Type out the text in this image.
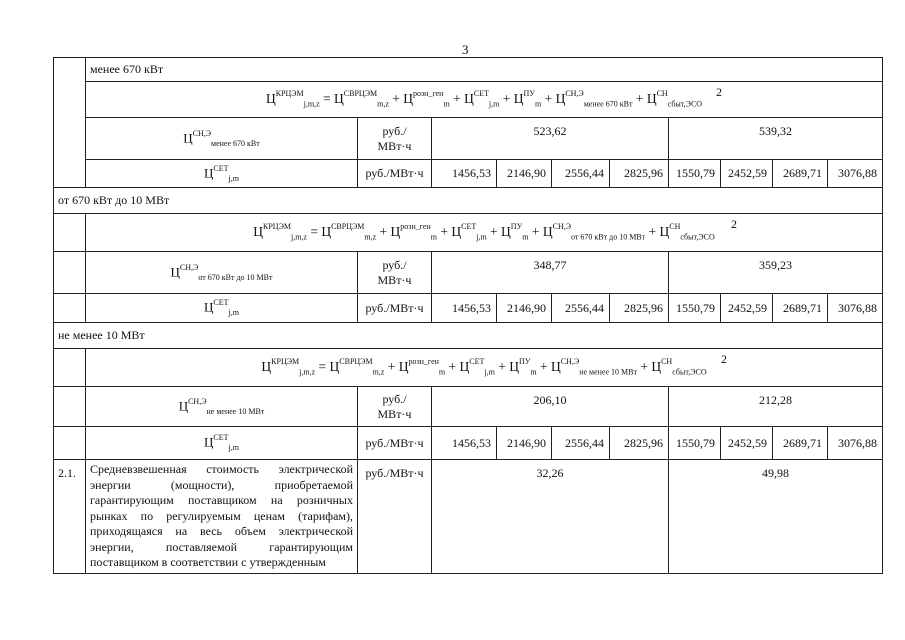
3
	менее 670 кВт									
	$Ц^{КРЦЭМ}_{j,m,z} = Ц^{СВРЦЭМ}_{m,z} + Ц^{розн\_ген}_m + Ц^{СЕТ}_{j,m} + Ц^{ПУ}_m + Ц^{СН,Э}_{менее 670 кВт} + Ц^{СН}_{сбыт,ЭСО}$
2									

	$Ц^{СН,Э}_{менее 670 кВт}$	руб./
МВт·ч	523,62				539,32			
	$Ц^{СЕТ}_{j,m}$	руб./МВт·ч	1456,53	2146,90	2556,44	2825,96	1550,79	2452,59	2689,71	3076,88
от 670 кВт до 10 МВт										
	$Ц^{КРЦЭМ}_{j,m,z} = Ц^{СВРЦЭМ}_{m,z} + Ц^{розн\_ген}_m + Ц^{СЕТ}_{j,m} + Ц^{ПУ}_m + Ц^{СН,Э}_{от 670 кВт до 10 МВт} + Ц^{СН}_{сбыт,ЭСО}$
2									

	$Ц^{СН,Э}_{от 670 кВт до 10 МВт}$	руб./
МВт·ч	348,77				359,23			
	$Ц^{СЕТ}_{j,m}$	руб./МВт·ч	1456,53	2146,90	2556,44	2825,96	1550,79	2452,59	2689,71	3076,88
не менее 10 МВт										
	$Ц^{КРЦЭМ}_{j,m,z} = Ц^{СВРЦЭМ}_{m,z} + Ц^{розн\_ген}_m + Ц^{СЕТ}_{j,m} + Ц^{ПУ}_m + Ц^{СН,Э}_{не менее 10 МВт} + Ц^{СН}_{сбыт,ЭСО}$
2									

	$Ц^{СН,Э}_{не менее 10 МВт}$	руб./
МВт·ч	206,10				212,28			
	$Ц^{СЕТ}_{j,m}$	руб./МВт·ч	1456,53	2146,90	2556,44	2825,96	1550,79	2452,59	2689,71	3076,88
2.1.	Средневзвешенная стоимость электрической энергии (мощности), приобретаемой гарантирующим поставщиком на розничных рынках по регулируемым ценам (тарифам), приходящаяся на весь объем электрической энергии, поставляемой гарантирующим поставщиком в соответствии с утвержденным	руб./МВт·ч	32,26				49,98			
